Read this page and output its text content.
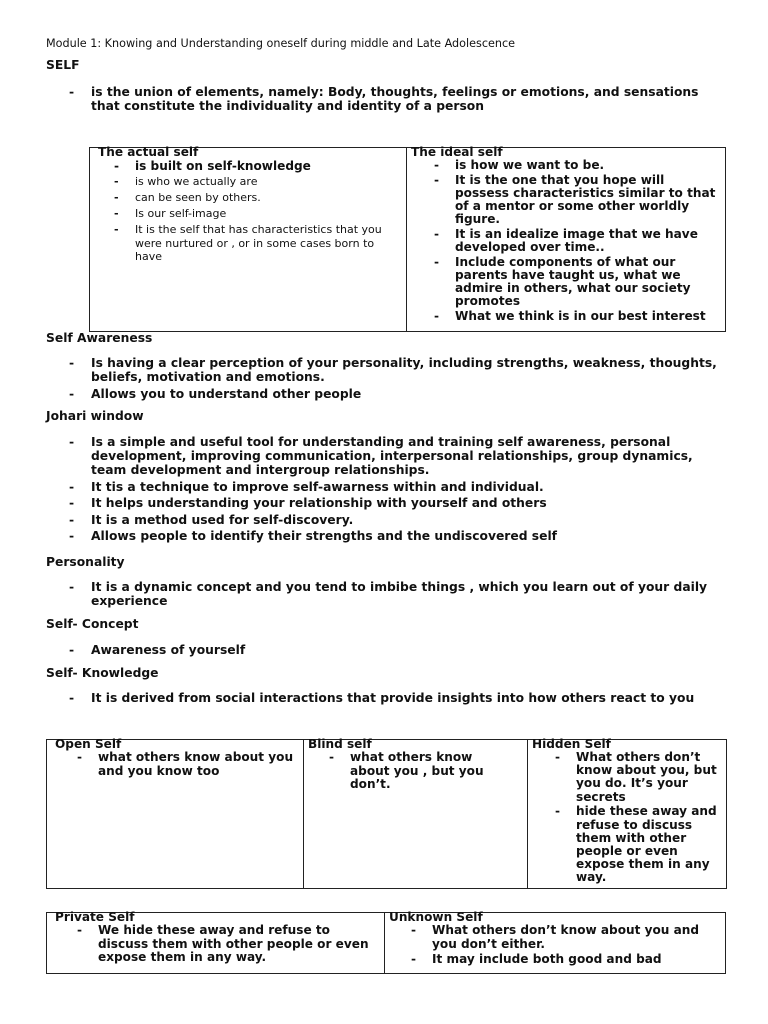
Module 1: Knowing and Understanding oneself during middle and Late Adolescence
SELF
- is the union of elements, namely: Body, thoughts, feelings or emotions, and sensations that constitute the individuality and identity of a person
The actual self
- is built on self-knowledge
- is who we actually are
- can be seen by others.
- Is our self-image
- It is the self that has characteristics that you were nurtured or , or in some cases born to have

The ideal self
- is how we want to be.
- It is the one that you hope will possess characteristics similar to that of a mentor or some other worldly figure.
- It is an idealize image that we have developed over time..
- Include components of what our parents have taught us, what we admire in others, what our society promotes
- What we think is in our best interest
Self Awareness
- Is having a clear perception of your personality, including strengths, weakness, thoughts, beliefs, motivation and emotions.
- Allows you to understand other people
Johari window
- Is a simple and useful tool for understanding and training self awareness, personal development, improving communication, interpersonal relationships, group dynamics, team development and intergroup relationships.
- It tis a technique to improve self-awarness within and individual.
- It helps understanding your relationship with yourself and others
- It is a method used for self-discovery.
- Allows people to identify their strengths and the undiscovered self
Personality
- It is a dynamic concept and you tend to imbibe things , which you learn out of your daily experience
Self- Concept
- Awareness of yourself
Self- Knowledge
- It is derived from social interactions that provide insights into how others react to you
Open Self
- what others know about you and you know too

Blind self
- what others know about you , but you don’t.

Hidden Self
- What others don’t know about you, but you do. It’s your secrets
- hide these away and refuse to discuss them with other people or even expose them in any way.
Private Self
- We hide these away and refuse to discuss them with other people or even expose them in any way.

Unknown Self
- What others don’t know about you and you don’t either.
- It may include both good and bad
